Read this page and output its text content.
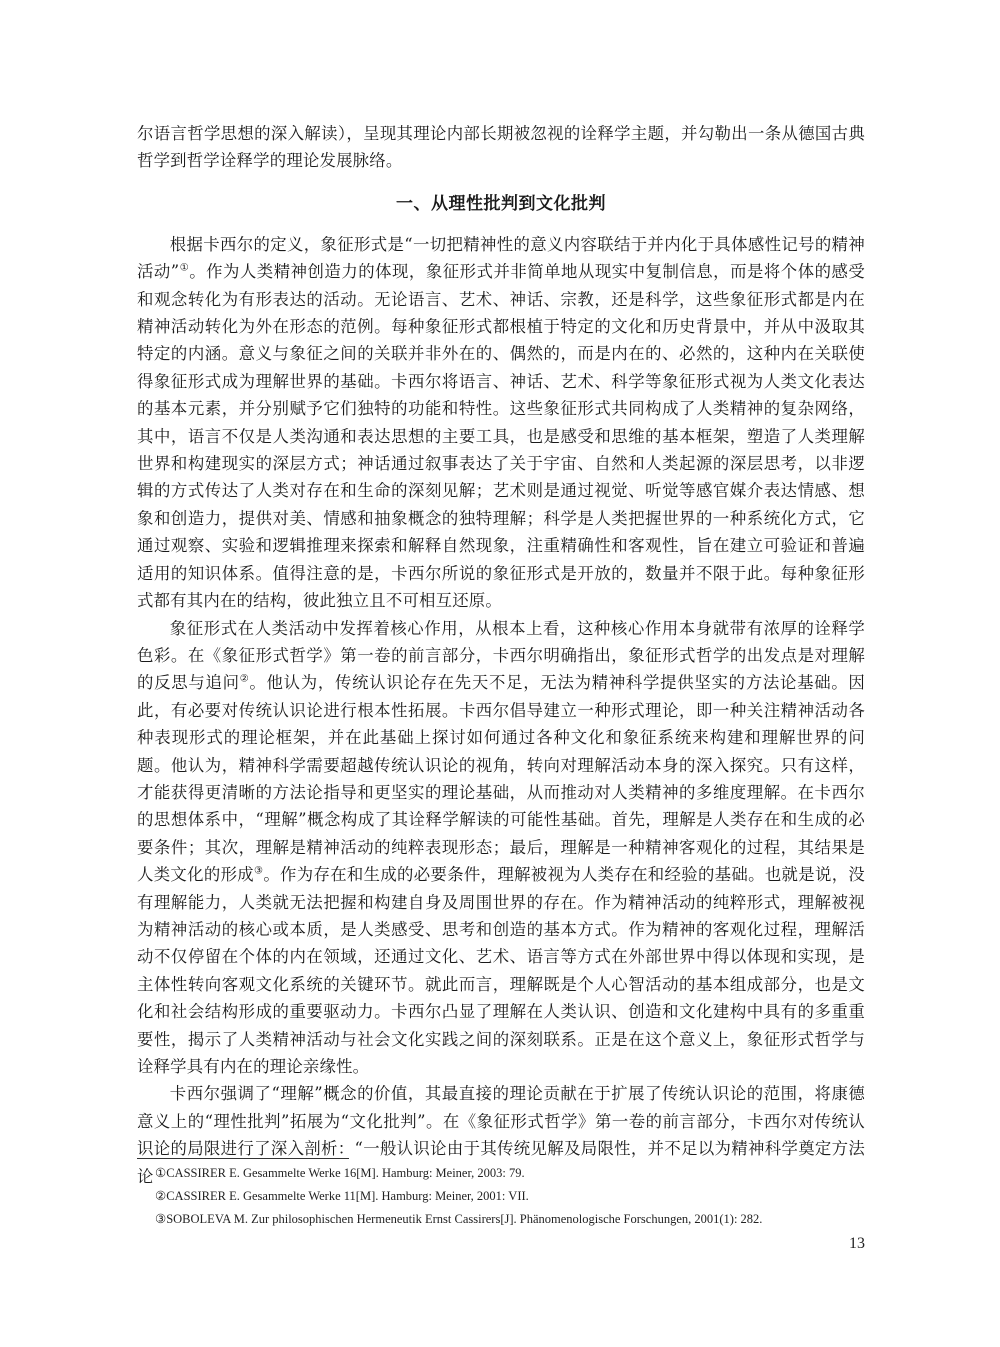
尔语言哲学思想的深入解读），呈现其理论内部长期被忽视的诠释学主题，并勾勒出一条从德国古典哲学到哲学诠释学的理论发展脉络。

一、从理性批判到文化批判

根据卡西尔的定义，象征形式是“一切把精神性的意义内容联结于并内化于具体感性记号的精神活动”①。作为人类精神创造力的体现，象征形式并非简单地从现实中复制信息，而是将个体的感受和观念转化为有形表达的活动。无论语言、艺术、神话、宗教，还是科学，这些象征形式都是内在精神活动转化为外在形态的范例。每种象征形式都根植于特定的文化和历史背景中，并从中汲取其特定的内涵。意义与象征之间的关联并非外在的、偶然的，而是内在的、必然的，这种内在关联使得象征形式成为理解世界的基础。卡西尔将语言、神话、艺术、科学等象征形式视为人类文化表达的基本元素，并分别赋予它们独特的功能和特性。这些象征形式共同构成了人类精神的复杂网络，其中，语言不仅是人类沟通和表达思想的主要工具，也是感受和思维的基本框架，塑造了人类理解世界和构建现实的深层方式；神话通过叙事表达了关于宇宙、自然和人类起源的深层思考，以非逻辑的方式传达了人类对存在和生命的深刻见解；艺术则是通过视觉、听觉等感官媒介表达情感、想象和创造力，提供对美、情感和抽象概念的独特理解；科学是人类把握世界的一种系统化方式，它通过观察、实验和逻辑推理来探索和解释自然现象，注重精确性和客观性，旨在建立可验证和普遍适用的知识体系。值得注意的是，卡西尔所说的象征形式是开放的，数量并不限于此。每种象征形式都有其内在的结构，彼此独立且不可相互还原。

象征形式在人类活动中发挥着核心作用，从根本上看，这种核心作用本身就带有浓厚的诠释学色彩。在《象征形式哲学》第一卷的前言部分，卡西尔明确指出，象征形式哲学的出发点是对理解的反思与追问②。他认为，传统认识论存在先天不足，无法为精神科学提供坚实的方法论基础。因此，有必要对传统认识论进行根本性拓展。卡西尔倡导建立一种形式理论，即一种关注精神活动各种表现形式的理论框架，并在此基础上探讨如何通过各种文化和象征系统来构建和理解世界的问题。他认为，精神科学需要超越传统认识论的视角，转向对理解活动本身的深入探究。只有这样，才能获得更清晰的方法论指导和更坚实的理论基础，从而推动对人类精神的多维度理解。在卡西尔的思想体系中，“理解”概念构成了其诠释学解读的可能性基础。首先，理解是人类存在和生成的必要条件；其次，理解是精神活动的纯粹表现形态；最后，理解是一种精神客观化的过程，其结果是人类文化的形成③。作为存在和生成的必要条件，理解被视为人类存在和经验的基础。也就是说，没有理解能力，人类就无法把握和构建自身及周围世界的存在。作为精神活动的纯粹形式，理解被视为精神活动的核心或本质，是人类感受、思考和创造的基本方式。作为精神的客观化过程，理解活动不仅停留在个体的内在领域，还通过文化、艺术、语言等方式在外部世界中得以体现和实现，是主体性转向客观文化系统的关键环节。就此而言，理解既是个人心智活动的基本组成部分，也是文化和社会结构形成的重要驱动力。卡西尔凸显了理解在人类认识、创造和文化建构中具有的多重重要性，揭示了人类精神活动与社会文化实践之间的深刻联系。正是在这个意义上，象征形式哲学与诠释学具有内在的理论亲缘性。

卡西尔强调了“理解”概念的价值，其最直接的理论贡献在于扩展了传统认识论的范围，将康德意义上的“理性批判”拓展为“文化批判”。在《象征形式哲学》第一卷的前言部分，卡西尔对传统认识论的局限进行了深入剖析：“一般认识论由于其传统见解及局限性，并不足以为精神科学奠定方法论 ①CASSIRER E. Gesammelte Werke 16[M]. Hamburg: Meiner, 2003: 79.

②CASSIRER E. Gesammelte Werke 11[M]. Hamburg: Meiner, 2001: VII.

③SOBOLEVA M. Zur philosophischen Hermeneutik Ernst Cassirers[J]. Phänomenologische Forschungen, 2001(1): 282.

13
